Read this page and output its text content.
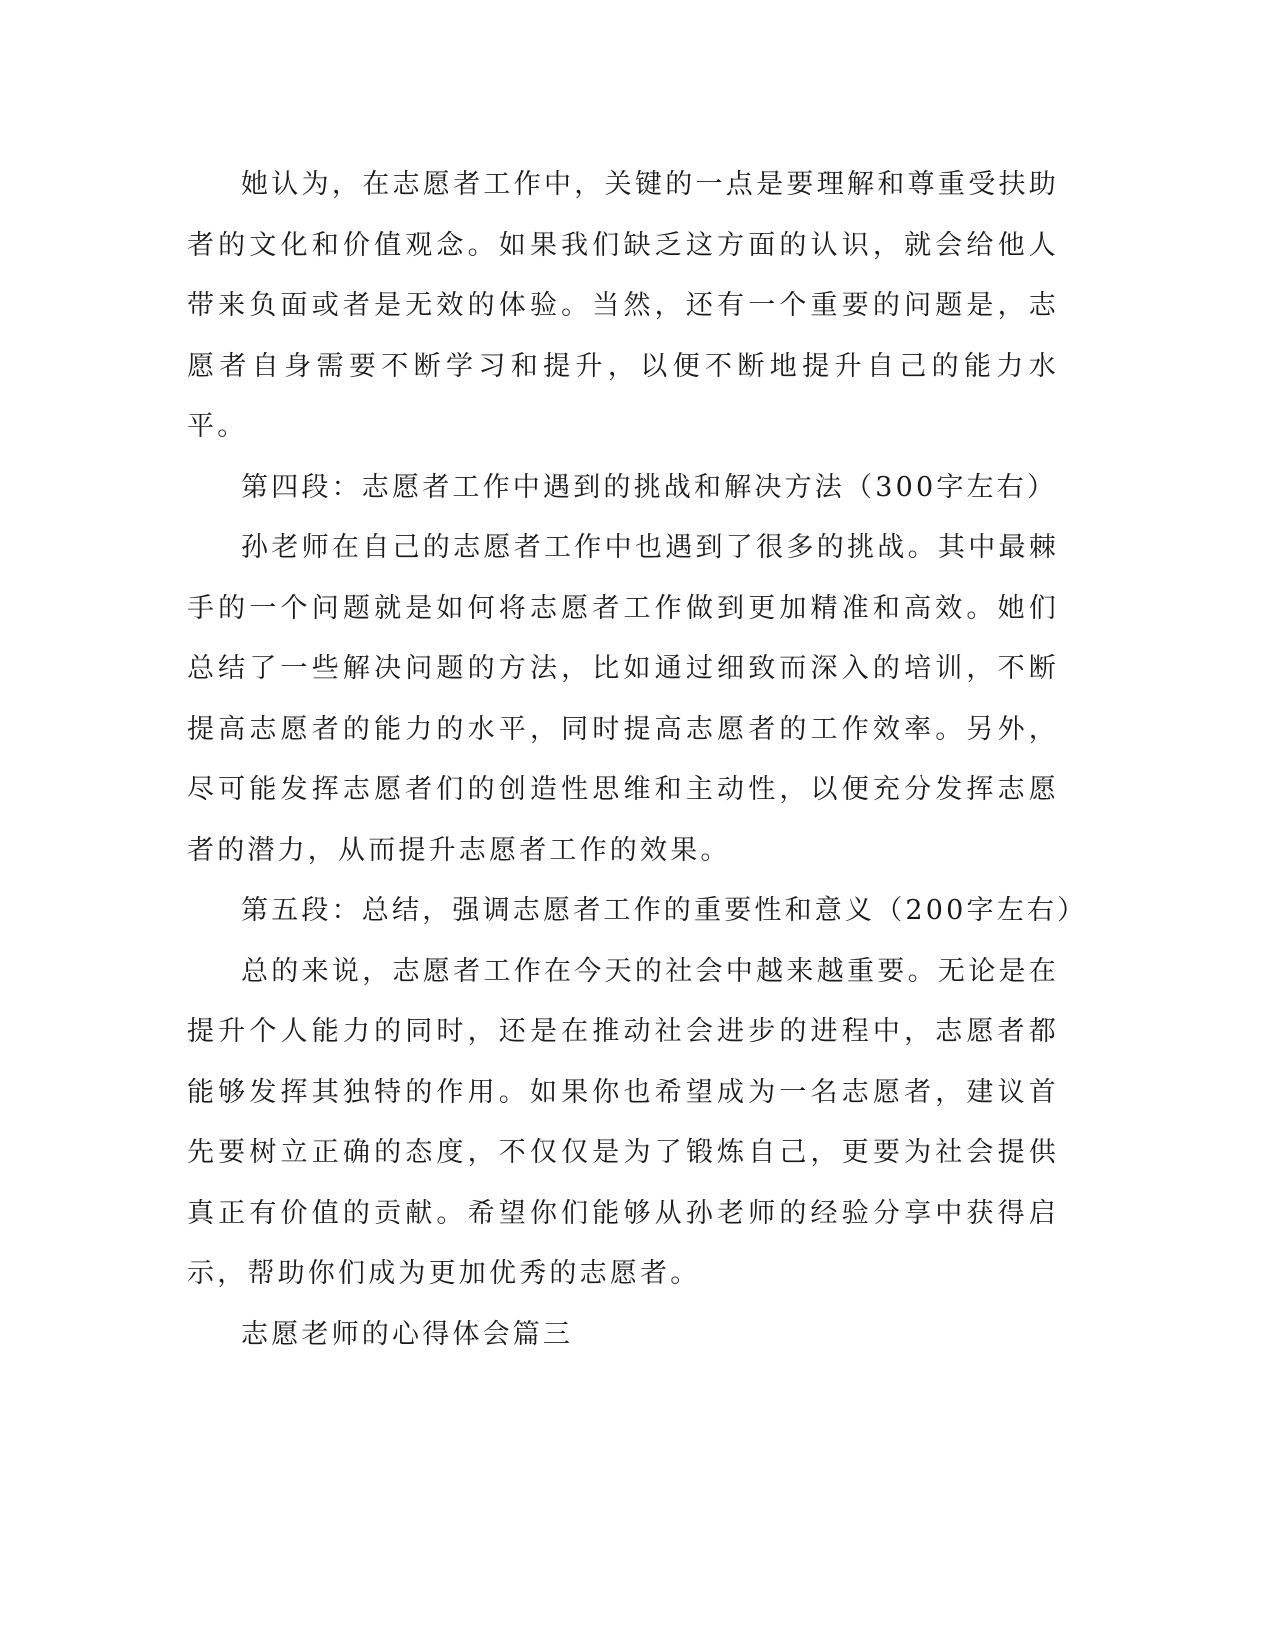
她认为，在志愿者工作中，关键的一点是要理解和尊重受扶助者的文化和价值观念。如果我们缺乏这方面的认识，就会给他人带来负面或者是无效的体验。当然，还有一个重要的问题是，志愿者自身需要不断学习和提升，以便不断地提升自己的能力水平。

第四段：志愿者工作中遇到的挑战和解决方法（300字左右）

孙老师在自己的志愿者工作中也遇到了很多的挑战。其中最棘手的一个问题就是如何将志愿者工作做到更加精准和高效。她们总结了一些解决问题的方法，比如通过细致而深入的培训，不断提高志愿者的能力的水平，同时提高志愿者的工作效率。另外，尽可能发挥志愿者们的创造性思维和主动性，以便充分发挥志愿者的潜力，从而提升志愿者工作的效果。

第五段：总结，强调志愿者工作的重要性和意义（200字左右）

总的来说，志愿者工作在今天的社会中越来越重要。无论是在提升个人能力的同时，还是在推动社会进步的进程中，志愿者都能够发挥其独特的作用。如果你也希望成为一名志愿者，建议首先要树立正确的态度，不仅仅是为了锻炼自己，更要为社会提供真正有价值的贡献。希望你们能够从孙老师的经验分享中获得启示，帮助你们成为更加优秀的志愿者。

志愿老师的心得体会篇三
